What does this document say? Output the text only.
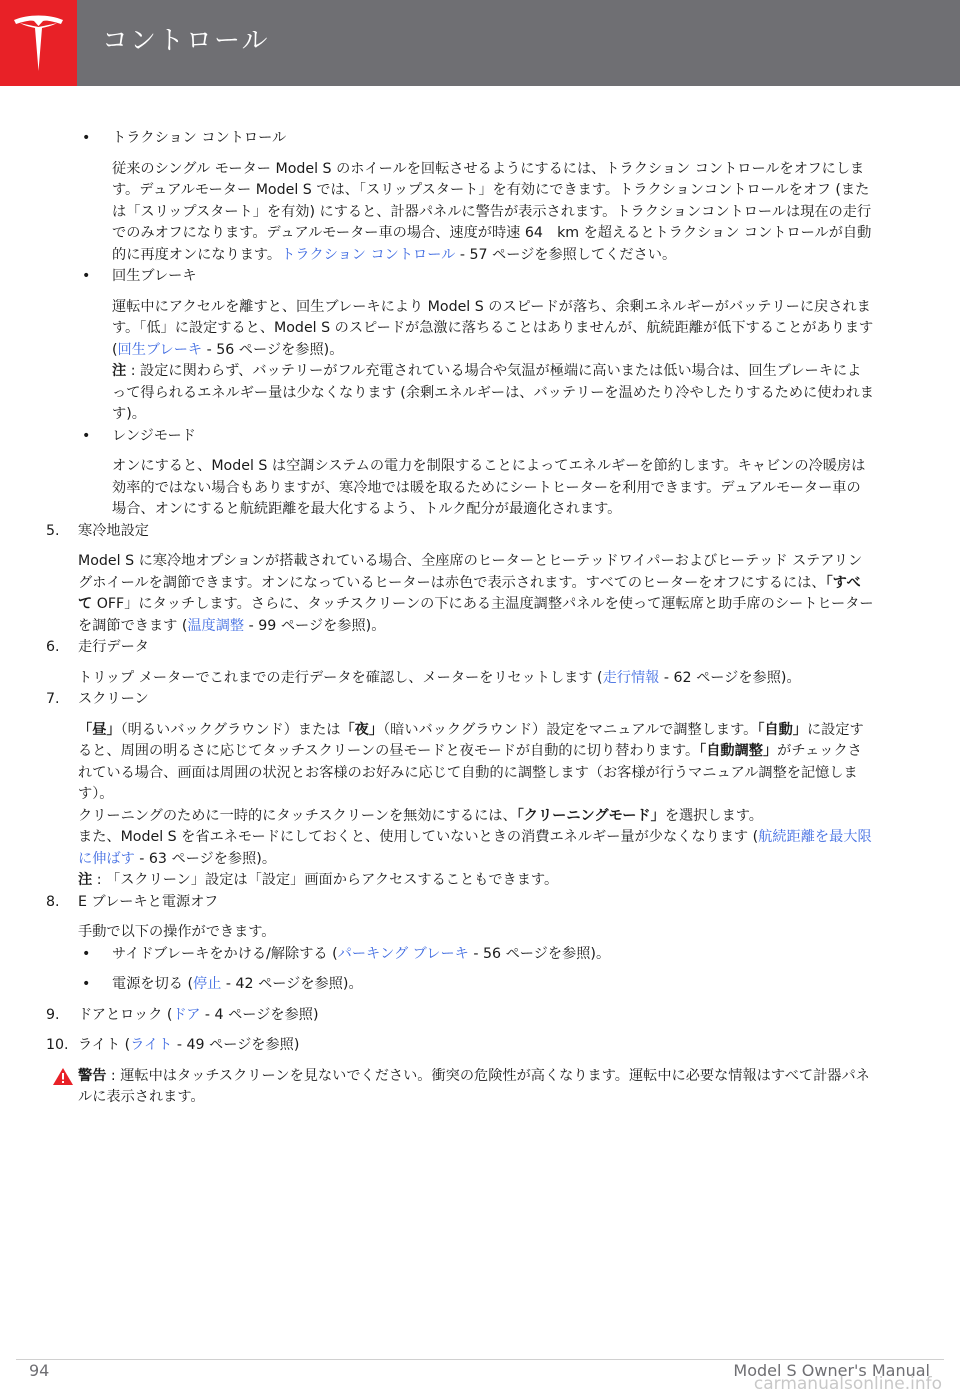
コントロール
• トラクション コントロール

従来のシングル モーター Model S のホイールを回転させるようにするには、トラクション コントロールをオフにします。デュアルモーター Model S では、「スリップスタート」を有効にできます。トラクションコントロールをオフ (または「スリップスタート」を有効) にすると、計器パネルに警告が表示されます。トラクションコントロールは現在の走行でのみオフになります。デュアルモーター車の場合、速度が時速 64　km を超えるとトラクション コントロールが自動的に再度オンになります。トラクション コントロール - 57 ページを参照してください。

• 回生ブレーキ

運転中にアクセルを離すと、回生ブレーキにより Model S のスピードが落ち、余剰エネルギーがバッテリーに戻されます。「低」に設定すると、Model S のスピードが急激に落ちることはありませんが、航続距離が低下することがあります (回生ブレーキ - 56 ページを参照)。

注 : 設定に関わらず、バッテリーがフル充電されている場合や気温が極端に高いまたは低い場合は、回生ブレーキによって得られるエネルギー量は少なくなります (余剰エネルギーは、バッテリーを温めたり冷やしたりするために使われます)。

• レンジモード

オンにすると、Model S は空調システムの電力を制限することによってエネルギーを節約します。キャビンの冷暖房は効率的ではない場合もありますが、寒冷地では暖を取るためにシートヒーターを利用できます。デュアルモーター車の場合、オンにすると航続距離を最大化するよう、トルク配分が最適化されます。

5. 寒冷地設定

Model S に寒冷地オプションが搭載されている場合、全座席のヒーターとヒーテッドワイパーおよびヒーテッド ステアリングホイールを調節できます。オンになっているヒーターは赤色で表示されます。すべてのヒーターをオフにするには、「すべて OFF」にタッチします。さらに、タッチスクリーンの下にある主温度調整パネルを使って運転席と助手席のシートヒーターを調節できます (温度調整 - 99 ページを参照)。

6. 走行データ

トリップ メーターでこれまでの走行データを確認し、メーターをリセットします (走行情報 - 62 ページを参照)。

7. スクリーン

「昼」（明るいバックグラウンド）または「夜」（暗いバックグラウンド）設定をマニュアルで調整します。「自動」に設定すると、周囲の明るさに応じてタッチスクリーンの昼モードと夜モードが自動的に切り替わります。「自動調整」がチェックされている場合、画面は周囲の状況とお客様のお好みに応じて自動的に調整します（お客様が行うマニュアル調整を記憶します）。

クリーニングのために一時的にタッチスクリーンを無効にするには、「クリーニングモード」を選択します。

また、Model S を省エネモードにしておくと、使用していないときの消費エネルギー量が少なくなります (航続距離を最大限に伸ばす - 63 ページを参照)。

注 : 「スクリーン」設定は「設定」画面からアクセスすることもできます。

8. E ブレーキと電源オフ

手動で以下の操作ができます。

• サイドブレーキをかける/解除する (パーキング ブレーキ - 56 ページを参照)。
• 電源を切る (停止 - 42 ページを参照)。
9. ドアとロック (ドア - 4 ページを参照)
10. ライト (ライト - 49 ページを参照)
警告 : 運転中はタッチスクリーンを見ないでください。衝突の危険性が高くなります。運転中に必要な情報はすべて計器パネルに表示されます。
94	Model S Owner's Manual
carmanualsonline.info
